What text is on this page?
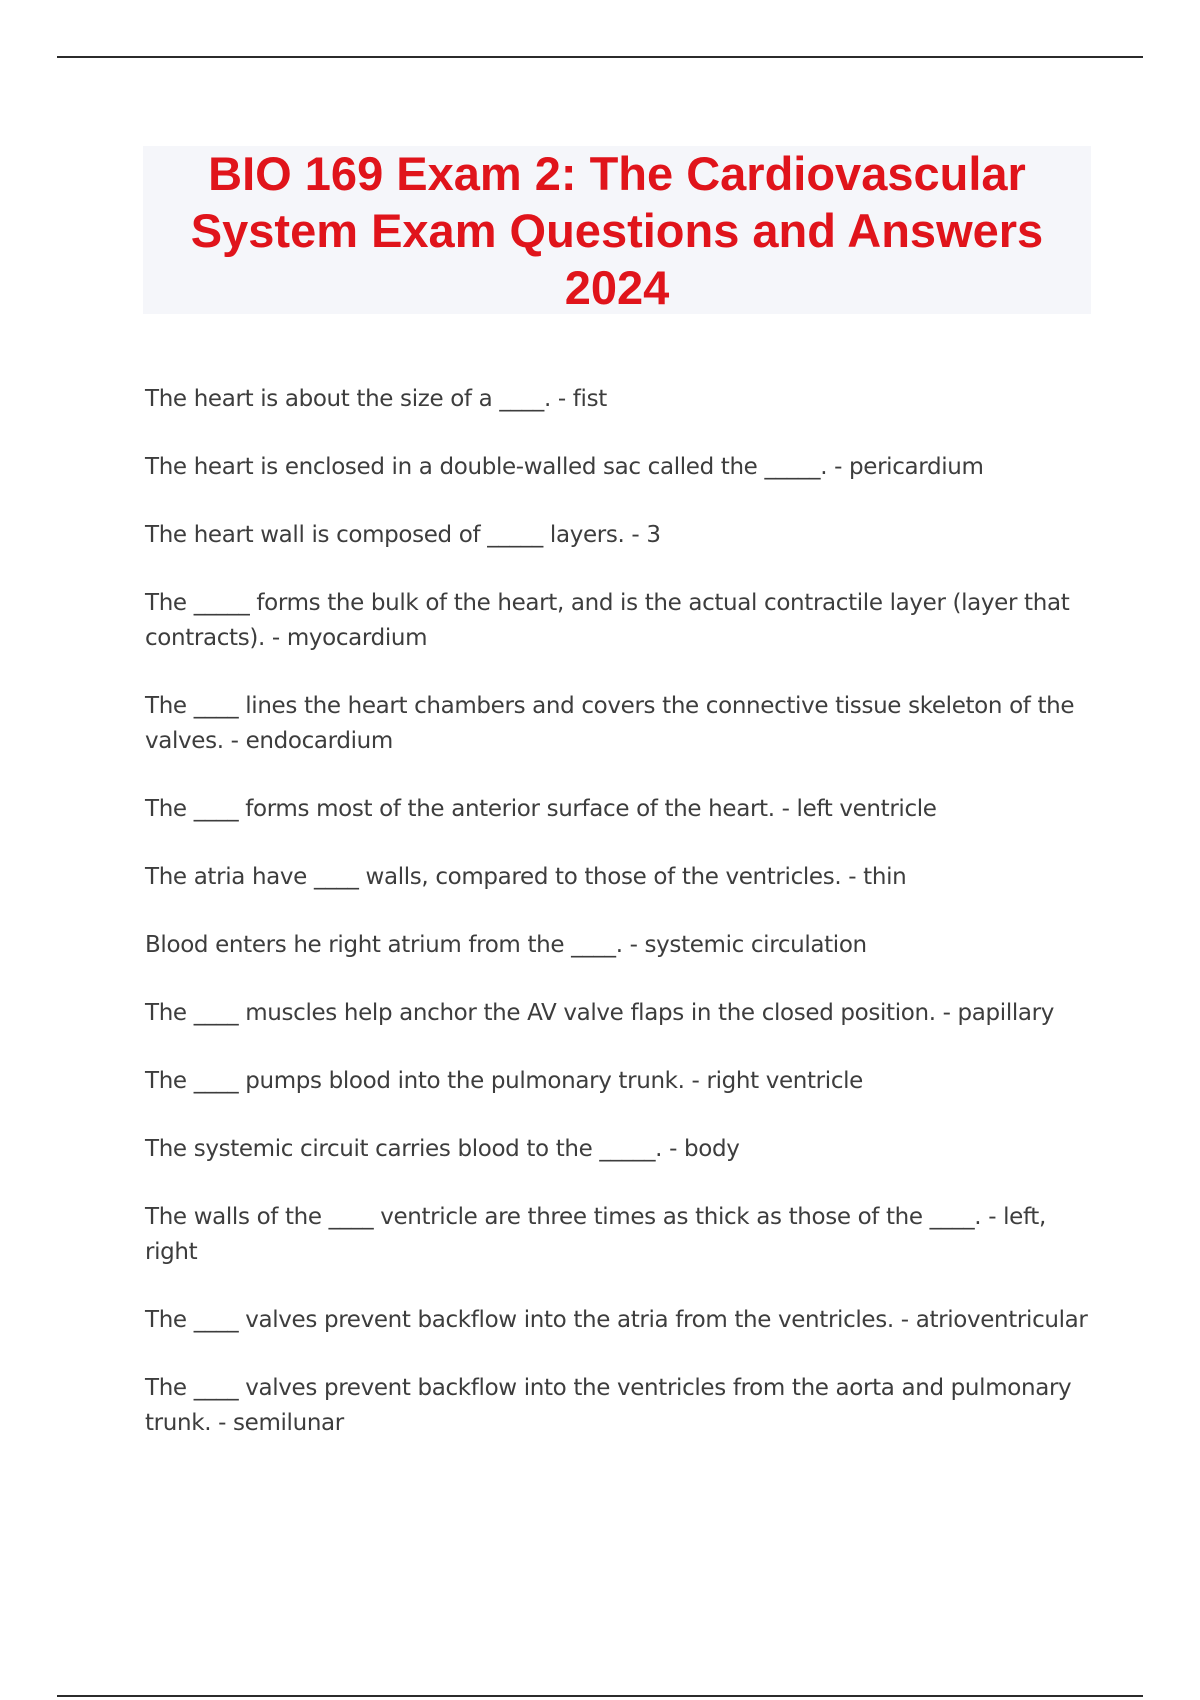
BIO 169 Exam 2: The Cardiovascular System Exam Questions and Answers 2024
The heart is about the size of a ____. - fist
The heart is enclosed in a double-walled sac called the _____. - pericardium
The heart wall is composed of _____ layers. - 3
The _____ forms the bulk of the heart, and is the actual contractile layer (layer that contracts). - myocardium
The ____ lines the heart chambers and covers the connective tissue skeleton of the valves. - endocardium
The ____ forms most of the anterior surface of the heart. - left ventricle
The atria have ____ walls, compared to those of the ventricles. - thin
Blood enters he right atrium from the ____. - systemic circulation
The ____ muscles help anchor the AV valve flaps in the closed position. - papillary
The ____ pumps blood into the pulmonary trunk. - right ventricle
The systemic circuit carries blood to the _____. - body
The walls of the ____ ventricle are three times as thick as those of the ____. - left, right
The ____ valves prevent backflow into the atria from the ventricles. - atrioventricular
The ____ valves prevent backflow into the ventricles from the aorta and pulmonary trunk. - semilunar
